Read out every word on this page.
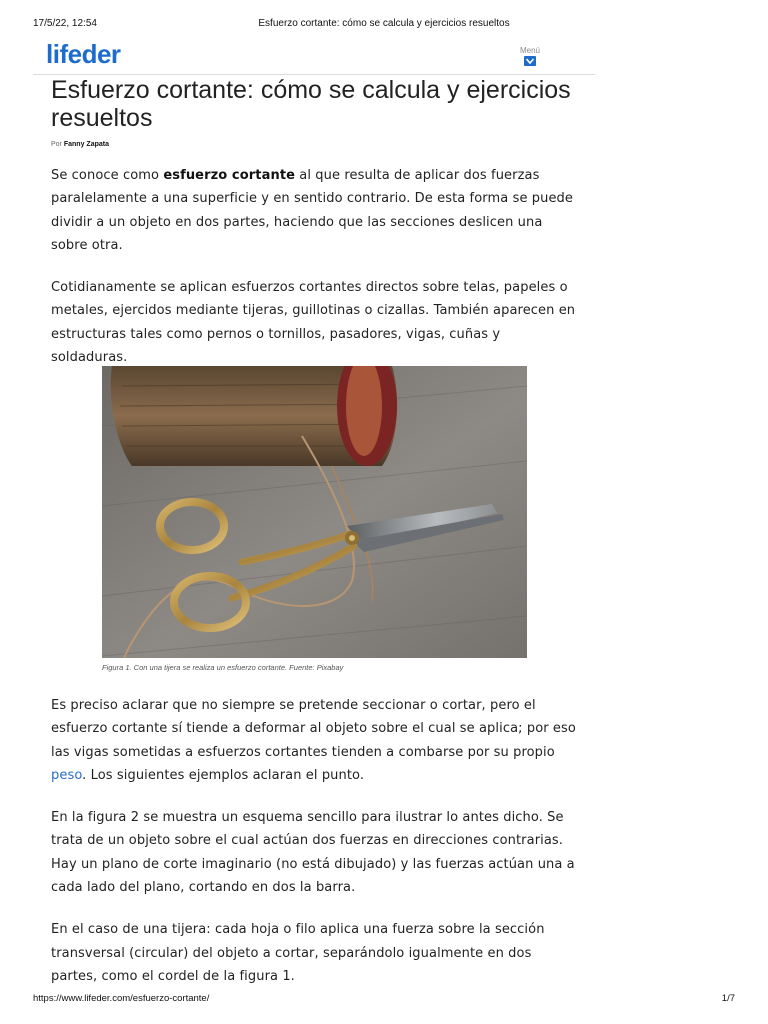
17/5/22, 12:54	Esfuerzo cortante: cómo se calcula y ejercicios resueltos
lifeder	Menú
Esfuerzo cortante: cómo se calcula y ejercicios resueltos
Por Fanny Zapata

Se conoce como esfuerzo cortante al que resulta de aplicar dos fuerzas paralelamente a una superficie y en sentido contrario. De esta forma se puede dividir a un objeto en dos partes, haciendo que las secciones deslicen una sobre otra.

Cotidianamente se aplican esfuerzos cortantes directos sobre telas, papeles o metales, ejercidos mediante tijeras, guillotinas o cizallas. También aparecen en estructuras tales como pernos o tornillos, pasadores, vigas, cuñas y soldaduras.

Figura 1. Con una tijera se realiza un esfuerzo cortante. Fuente: Pixabay

Es preciso aclarar que no siempre se pretende seccionar o cortar, pero el esfuerzo cortante sí tiende a deformar al objeto sobre el cual se aplica; por eso las vigas sometidas a esfuerzos cortantes tienden a combarse por su propio peso. Los siguientes ejemplos aclaran el punto.

En la figura 2 se muestra un esquema sencillo para ilustrar lo antes dicho. Se trata de un objeto sobre el cual actúan dos fuerzas en direcciones contrarias. Hay un plano de corte imaginario (no está dibujado) y las fuerzas actúan una a cada lado del plano, cortando en dos la barra.

En el caso de una tijera: cada hoja o filo aplica una fuerza sobre la sección transversal (circular) del objeto a cortar, separándolo igualmente en dos partes, como el cordel de la figura 1.

https://www.lifeder.com/esfuerzo-cortante/	1/7
